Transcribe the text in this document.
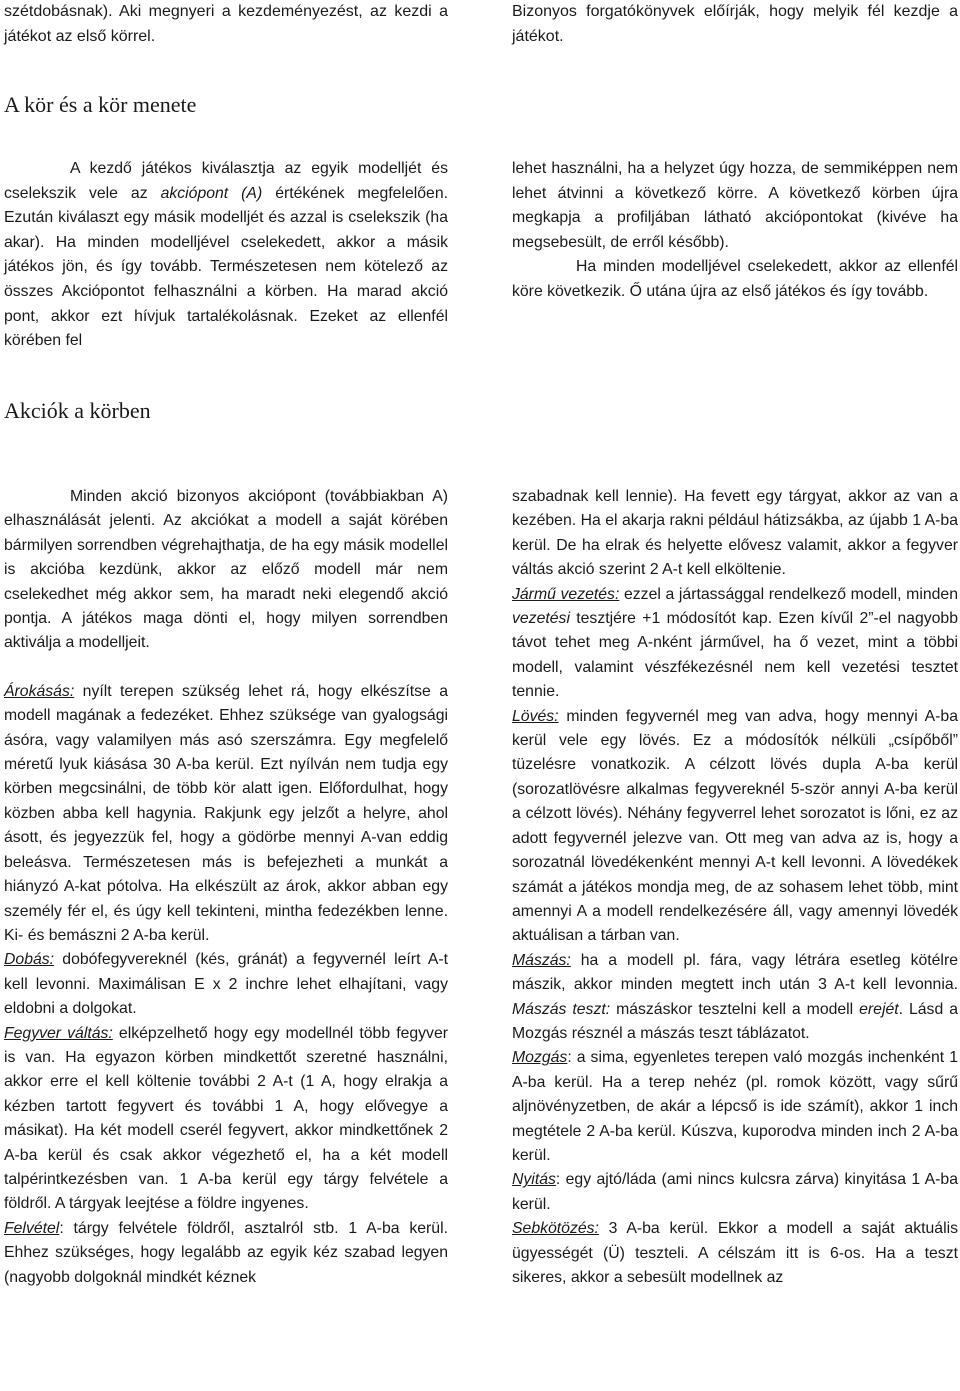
szétdobásnak). Aki megnyeri a kezdeményezést, az kezdi a játékot az első körrel.
Bizonyos forgatókönyvek előírják, hogy melyik fél kezdje a játékot.
A kör és a kör menete

A kezdő játékos kiválasztja az egyik modelljét és cselekszik vele az akciópont (A) értékének megfelelően. Ezután kiválaszt egy másik modelljét és azzal is cselekszik (ha akar). Ha minden modelljével cselekedett, akkor a másik játékos jön, és így tovább. Természetesen nem kötelező az összes Akciópontot felhasználni a körben. Ha marad akció pont, akkor ezt hívjuk tartalékolásnak. Ezeket az ellenfél körében fel

lehet használni, ha a helyzet úgy hozza, de semmiképpen nem lehet átvinni a következő körre. A következő körben újra megkapja a profiljában látható akciópontokat (kivéve ha megsebesült, de erről később).

Ha minden modelljével cselekedett, akkor az ellenfél köre következik. Ő utána újra az első játékos és így tovább.

Akciók a körben

Minden akció bizonyos akciópont (továbbiakban A) elhasználását jelenti. Az akciókat a modell a saját körében bármilyen sorrendben végrehajthatja, de ha egy másik modellel is akcióba kezdünk, akkor az előző modell már nem cselekedhet még akkor sem, ha maradt neki elegendő akció pontja. A játékos maga dönti el, hogy milyen sorrendben aktiválja a modelljeit.

Árokásás: nyílt terepen szükség lehet rá, hogy elkészítse a modell magának a fedezéket. Ehhez szüksége van gyalogsági ásóra, vagy valamilyen más asó szerszámra. Egy megfelelő méretű lyuk kiásása 30 A-ba kerül. Ezt nyílván nem tudja egy körben megcsinálni, de több kör alatt igen. Előfordulhat, hogy közben abba kell hagynia. Rakjunk egy jelzőt a helyre, ahol ásott, és jegyezzük fel, hogy a gödörbe mennyi A-van eddig beleásva. Természetesen más is befejezheti a munkát a hiányzó A-kat pótolva. Ha elkészült az árok, akkor abban egy személy fér el, és úgy kell tekinteni, mintha fedezékben lenne. Ki- és bemászni 2 A-ba kerül.

Dobás: dobófegyvereknél (kés, gránát) a fegyvernél leírt A-t kell levonni. Maximálisan E x 2 inchre lehet elhajítani, vagy eldobni a dolgokat.

Fegyver váltás: elképzelhető hogy egy modellnél több fegyver is van. Ha egyazon körben mindkettőt szeretné használni, akkor erre el kell költenie további 2 A-t (1 A, hogy elrakja a kézben tartott fegyvert és további 1 A, hogy elővegye a másikat). Ha két modell cserél fegyvert, akkor mindkettőnek 2 A-ba kerül és csak akkor végezhető el, ha a két modell talpérintkezésben van. 1 A-ba kerül egy tárgy felvétele a földről. A tárgyak leejtése a földre ingyenes.

Felvétel: tárgy felvétele földről, asztalról stb. 1 A-ba kerül. Ehhez szükséges, hogy legalább az egyik kéz szabad legyen (nagyobb dolgoknál mindkét kéznek

szabadnak kell lennie). Ha fevett egy tárgyat, akkor az van a kezében. Ha el akarja rakni például hátizsákba, az újabb 1 A-ba kerül. De ha elrak és helyette elővesz valamit, akkor a fegyver váltás akció szerint 2 A-t kell elköltenie.

Jármű vezetés: ezzel a jártassággal rendelkező modell, minden vezetési tesztjére +1 módosítót kap. Ezen kívűl 2”-el nagyobb távot tehet meg A-nként járművel, ha ő vezet, mint a többi modell, valamint vészfékezésnél nem kell vezetési tesztet tennie.

Lövés: minden fegyvernél meg van adva, hogy mennyi A-ba kerül vele egy lövés. Ez a módosítók nélküli „csípőből” tüzelésre vonatkozik. A célzott lövés dupla A-ba kerül (sorozatlövésre alkalmas fegyvereknél 5-ször annyi A-ba kerül a célzott lövés). Néhány fegyverrel lehet sorozatot is lőni, ez az adott fegyvernél jelezve van. Ott meg van adva az is, hogy a sorozatnál lövedékenként mennyi A-t kell levonni. A lövedékek számát a játékos mondja meg, de az sohasem lehet több, mint amennyi A a modell rendelkezésére áll, vagy amennyi lövedék aktuálisan a tárban van.

Mászás: ha a modell pl. fára, vagy létrára esetleg kötélre mászik, akkor minden megtett inch után 3 A-t kell levonnia. Mászás teszt: mászáskor tesztelni kell a modell erejét. Lásd a Mozgás résznél a mászás teszt táblázatot.

Mozgás: a sima, egyenletes terepen való mozgás inchenként 1 A-ba kerül. Ha a terep nehéz (pl. romok között, vagy sűrű aljnövényzetben, de akár a lépcső is ide számít), akkor 1 inch megtétele 2 A-ba kerül. Kúszva, kuporodva minden inch 2 A-ba kerül.

Nyitás: egy ajtó/láda (ami nincs kulcsra zárva) kinyitása 1 A-ba kerül.

Sebkötözés: 3 A-ba kerül. Ekkor a modell a saját aktuális ügyességét (Ü) teszteli. A célszám itt is 6-os. Ha a teszt sikeres, akkor a sebesült modellnek az
